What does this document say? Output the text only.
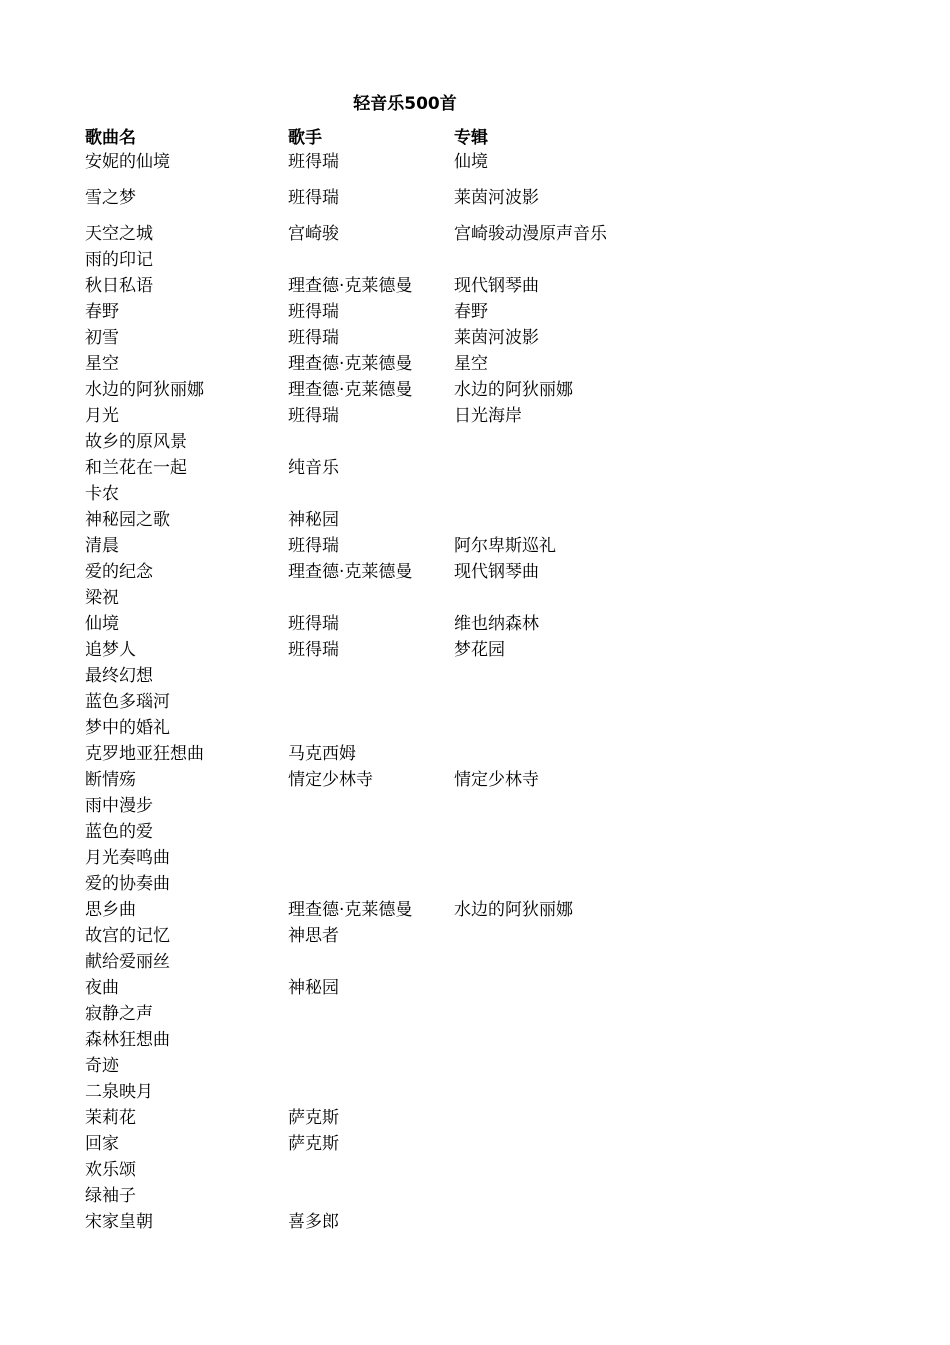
轻音乐500首
歌曲名	歌手	专辑
安妮的仙境	班得瑞	仙境
雪之梦	班得瑞	莱茵河波影
天空之城	宫崎骏	宫崎骏动漫原声音乐
雨的印记
秋日私语	理查德·克莱德曼	现代钢琴曲
春野	班得瑞	春野
初雪	班得瑞	莱茵河波影
星空	理查德·克莱德曼	星空
水边的阿狄丽娜	理查德·克莱德曼	水边的阿狄丽娜
月光	班得瑞	日光海岸
故乡的原风景
和兰花在一起	纯音乐
卡农
神秘园之歌	神秘园
清晨	班得瑞	阿尔卑斯巡礼
爱的纪念	理查德·克莱德曼	现代钢琴曲
梁祝
仙境	班得瑞	维也纳森林
追梦人	班得瑞	梦花园
最终幻想
蓝色多瑙河
梦中的婚礼
克罗地亚狂想曲	马克西姆
断情殇	情定少林寺	情定少林寺
雨中漫步
蓝色的爱
月光奏鸣曲
爱的协奏曲
思乡曲	理查德·克莱德曼	水边的阿狄丽娜
故宫的记忆	神思者
献给爱丽丝
夜曲	神秘园
寂静之声
森林狂想曲
奇迹
二泉映月
茉莉花	萨克斯
回家	萨克斯
欢乐颂
绿袖子
宋家皇朝	喜多郎
